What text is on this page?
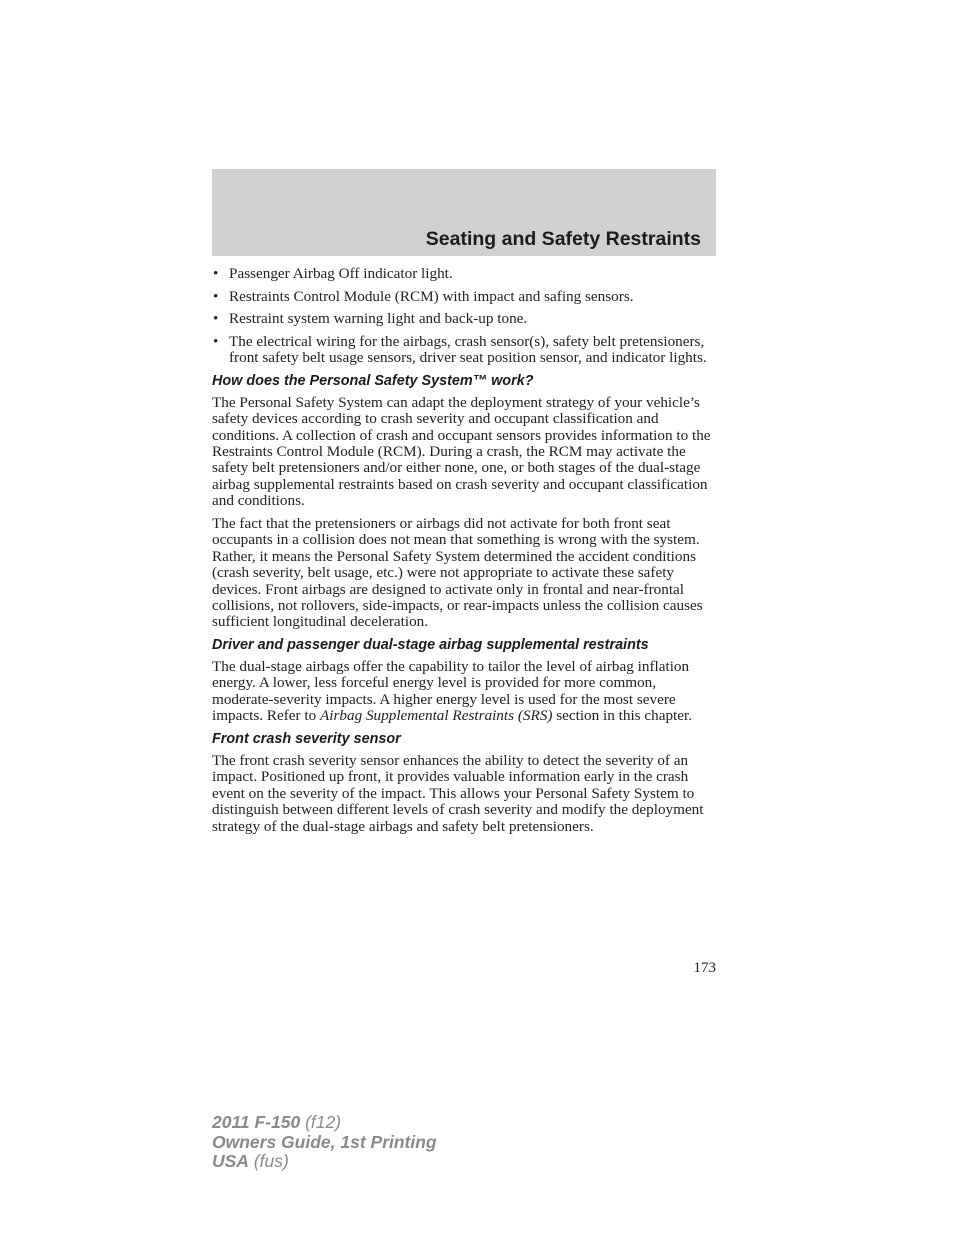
Seating and Safety Restraints
• Passenger Airbag Off indicator light.
• Restraints Control Module (RCM) with impact and safing sensors.
• Restraint system warning light and back-up tone.
• The electrical wiring for the airbags, crash sensor(s), safety belt pretensioners, front safety belt usage sensors, driver seat position sensor, and indicator lights.
How does the Personal Safety System™ work?

The Personal Safety System can adapt the deployment strategy of your vehicle’s safety devices according to crash severity and occupant classification and conditions. A collection of crash and occupant sensors provides information to the Restraints Control Module (RCM). During a crash, the RCM may activate the safety belt pretensioners and/or either none, one, or both stages of the dual-stage airbag supplemental restraints based on crash severity and occupant classification and conditions.

The fact that the pretensioners or airbags did not activate for both front seat occupants in a collision does not mean that something is wrong with the system. Rather, it means the Personal Safety System determined the accident conditions (crash severity, belt usage, etc.) were not appropriate to activate these safety devices. Front airbags are designed to activate only in frontal and near-frontal collisions, not rollovers, side-impacts, or rear-impacts unless the collision causes sufficient longitudinal deceleration.

Driver and passenger dual-stage airbag supplemental restraints

The dual-stage airbags offer the capability to tailor the level of airbag inflation energy. A lower, less forceful energy level is provided for more common, moderate-severity impacts. A higher energy level is used for the most severe impacts. Refer to Airbag Supplemental Restraints (SRS) section in this chapter.

Front crash severity sensor

The front crash severity sensor enhances the ability to detect the severity of an impact. Positioned up front, it provides valuable information early in the crash event on the severity of the impact. This allows your Personal Safety System to distinguish between different levels of crash severity and modify the deployment strategy of the dual-stage airbags and safety belt pretensioners.

173
2011 F-150 (f12)
Owners Guide, 1st Printing
USA (fus)
